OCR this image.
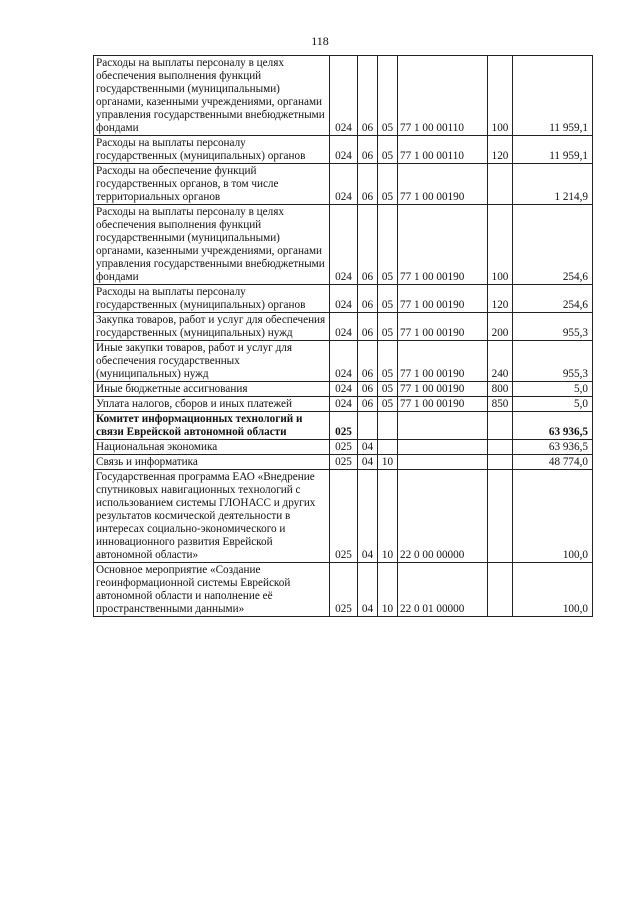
118
Расходы на выплаты персоналу в целях обеспечения выполнения функций государственными (муниципальными) органами, казенными учреждениями, органами управления государственными внебюджетными фондами	024	06	05	77 1 00 00110	100	11 959,1
Расходы на выплаты персоналу государственных (муниципальных) органов	024	06	05	77 1 00 00110	120	11 959,1
Расходы на обеспечение функций государственных органов, в том числе территориальных органов	024	06	05	77 1 00 00190		1 214,9
Расходы на выплаты персоналу в целях обеспечения выполнения функций государственными (муниципальными) органами, казенными учреждениями, органами управления государственными внебюджетными фондами	024	06	05	77 1 00 00190	100	254,6
Расходы на выплаты персоналу государственных (муниципальных) органов	024	06	05	77 1 00 00190	120	254,6
Закупка товаров, работ и услуг для обеспечения государственных (муниципальных) нужд	024	06	05	77 1 00 00190	200	955,3
Иные закупки товаров, работ и услуг для обеспечения государственных (муниципальных) нужд	024	06	05	77 1 00 00190	240	955,3
Иные бюджетные ассигнования	024	06	05	77 1 00 00190	800	5,0
Уплата налогов, сборов и иных платежей	024	06	05	77 1 00 00190	850	5,0
Комитет информационных технологий и связи Еврейской автономной области	025					63 936,5
Национальная экономика	025	04				63 936,5
Связь и информатика	025	04	10			48 774,0
Государственная программа ЕАО «Внедрение спутниковых навигационных технологий с использованием системы ГЛОНАСС и других результатов космической деятельности в интересах социально-экономического и инновационного развития Еврейской автономной области»	025	04	10	22 0 00 00000		100,0
Основное мероприятие «Создание геоинформационной системы Еврейской автономной области и наполнение её пространственными данными»	025	04	10	22 0 01 00000		100,0
